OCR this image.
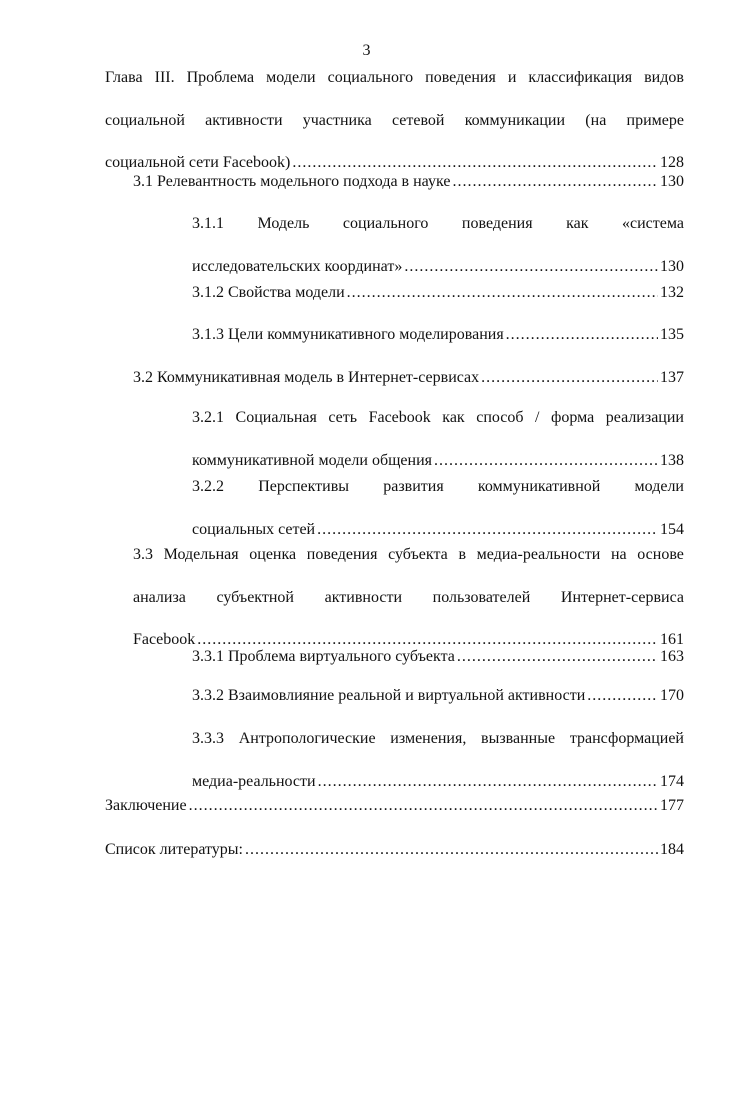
3
Глава III. Проблема модели социального поведения и классификация видов
социальной активности участника сетевой коммуникации (на примере
социальной сети Facebook) .....	128
3.1 Релевантность модельного подхода в науке .....	130
3.1.1 Модель социального поведения как «система
исследовательских координат» .....	130
3.1.2 Свойства модели .....	132
3.1.3 Цели коммуникативного моделирования .....	135
3.2 Коммуникативная модель в Интернет-сервисах .....	137
3.2.1 Социальная сеть Facebook как способ / форма реализации
коммуникативной модели общения .....	138
3.2.2 Перспективы развития коммуникативной модели
социальных сетей .....	154
3.3 Модельная оценка поведения субъекта в медиа-реальности на основе
анализа субъектной активности пользователей Интернет-сервиса
Facebook .....	161
3.3.1 Проблема виртуального субъекта .....	163
3.3.2 Взаимовлияние реальной и виртуальной активности .....	170
3.3.3 Антропологические изменения, вызванные трансформацией
медиа-реальности .....	174
Заключение .....	177
Список литературы: .....	184
